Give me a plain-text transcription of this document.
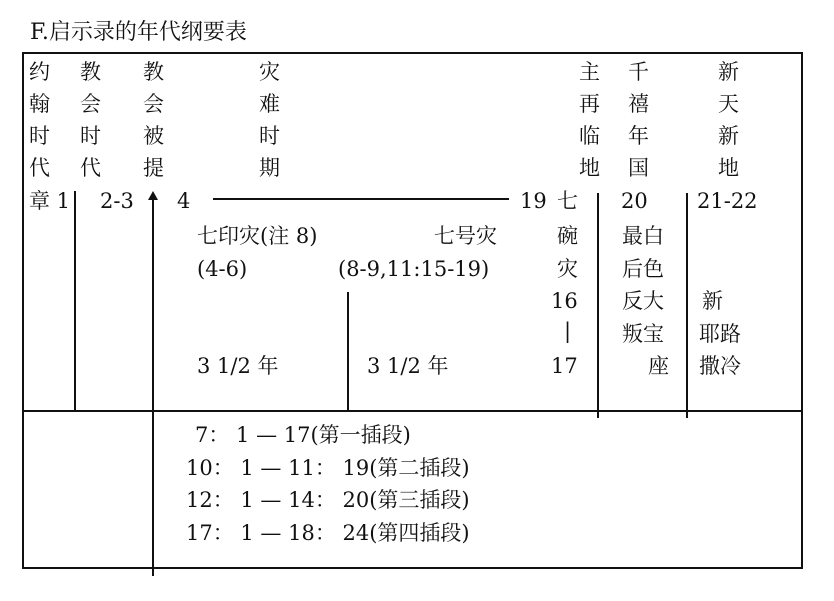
F.启示录的年代纲要表
约
翰
时
代
教
会
时
代
教
会
被
提
灾
难
时
期
主
再
临
地
千
禧
年
国
新
天
新
地
章 1 2-3 4	19 七 20 21-22
七印灾(注 8)
(4-6)
3 1/2 年
七号灾
(8-9,11:15-19)
3 1/2 年
碗
灾
16
|
17
最白
后色
反大
叛宝
座
新
耶路
撒冷
7： 1 — 17(第一插段)
10： 1 — 11： 19(第二插段)
12： 1 — 14： 20(第三插段)
17： 1 — 18： 24(第四插段)
